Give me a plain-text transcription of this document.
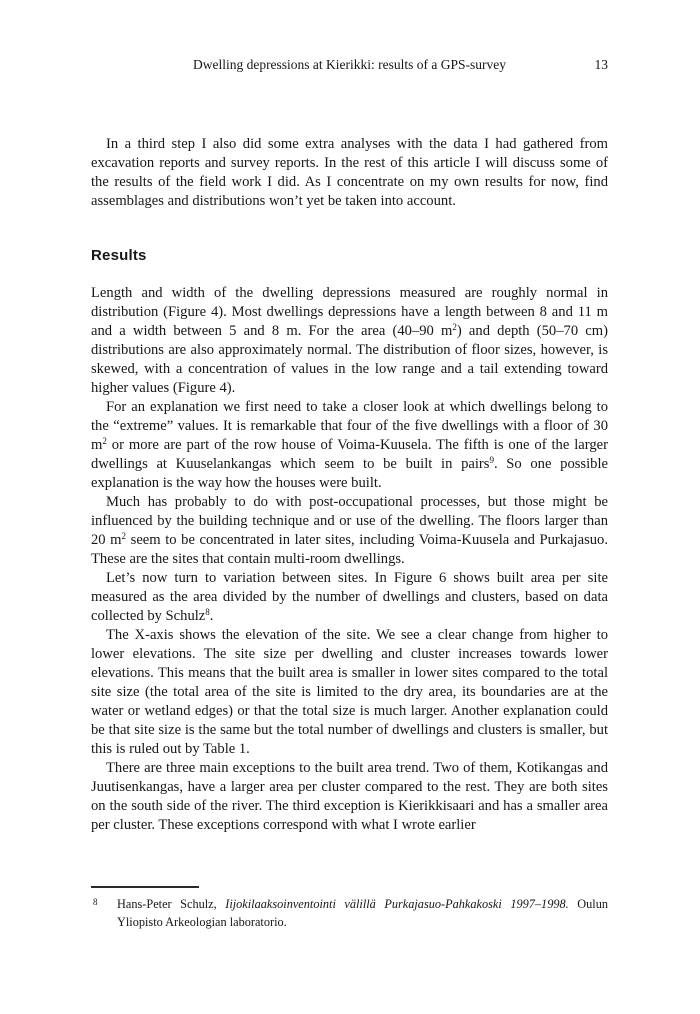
Dwelling depressions at Kierikki: results of a GPS-survey	13

In a third step I also did some extra analyses with the data I had gathered from excavation reports and survey reports. In the rest of this article I will discuss some of the results of the field work I did. As I concentrate on my own results for now, find assemblages and distributions won’t yet be taken into account.

Results

Length and width of the dwelling depressions measured are roughly normal in distribution (Figure 4). Most dwellings depressions have a length between 8 and 11 m and a width between 5 and 8 m. For the area (40–90 $m^2$) and depth (50–70 cm) distributions are also approximately normal. The distribution of floor sizes, however, is skewed, with a concentration of values in the low range and a tail extending toward higher values (Figure 4).

For an explanation we first need to take a closer look at which dwellings belong to the “extreme” values. It is remarkable that four of the five dwellings with a floor of 30 $m^2$ or more are part of the row house of Voima-Kuusela. The fifth is one of the larger dwellings at Kuuselankangas which seem to be built in pairs$^9$. So one possible explanation is the way how the houses were built.

Much has probably to do with post-occupational processes, but those might be influenced by the building technique and or use of the dwelling. The floors larger than 20 $m^2$ seem to be concentrated in later sites, including Voima-Kuusela and Purkajasuo. These are the sites that contain multi-room dwellings.

Let’s now turn to variation between sites. In Figure 6 shows built area per site measured as the area divided by the number of dwellings and clusters, based on data collected by Schulz$^8$.

The X-axis shows the elevation of the site. We see a clear change from higher to lower elevations. The site size per dwelling and cluster increases towards lower elevations. This means that the built area is smaller in lower sites compared to the total site size (the total area of the site is limited to the dry area, its boundaries are at the water or wetland edges) or that the total size is much larger. Another explanation could be that site size is the same but the total number of dwellings and clusters is smaller, but this is ruled out by Table 1.

There are three main exceptions to the built area trend. Two of them, Kotikangas and Juutisenkangas, have a larger area per cluster compared to the rest. They are both sites on the south side of the river. The third exception is Kierikkisaari and has a smaller area per cluster. These exceptions correspond with what I wrote earlier

8 Hans-Peter Schulz, Iijokilaaksoinventointi välillä Purkajasuo-Pahkakoski 1997–1998. Oulun Yliopisto Arkeologian laboratorio.
